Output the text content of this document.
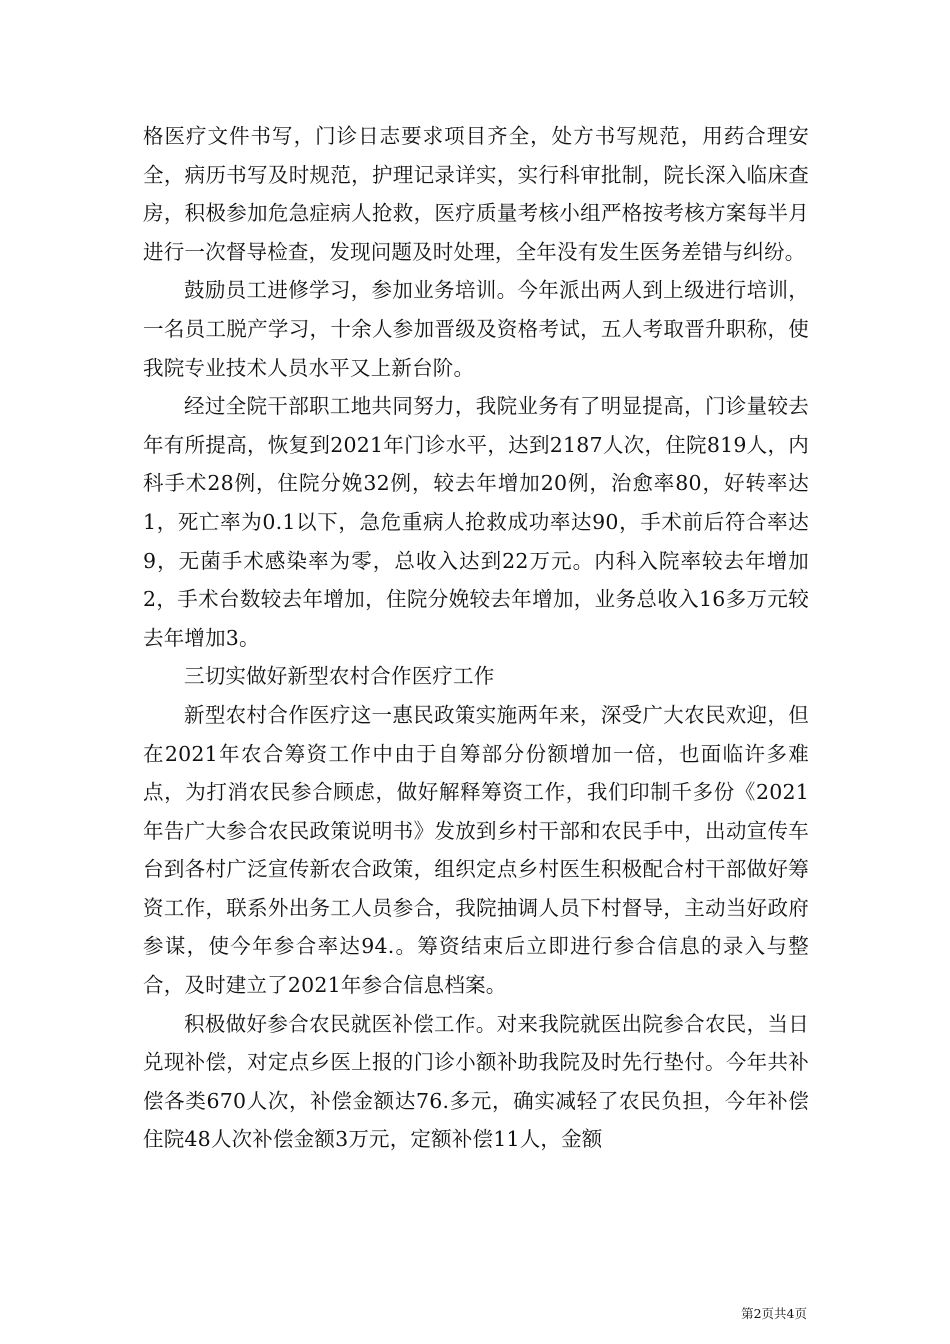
格医疗文件书写，门诊日志要求项目齐全，处方书写规范，用药合理安全，病历书写及时规范，护理记录详实，实行科审批制，院长深入临床查房，积极参加危急症病人抢救，医疗质量考核小组严格按考核方案每半月进行一次督导检查，发现问题及时处理，全年没有发生医务差错与纠纷。

鼓励员工进修学习，参加业务培训。今年派出两人到上级进行培训，一名员工脱产学习，十余人参加晋级及资格考试，五人考取晋升职称，使我院专业技术人员水平又上新台阶。

经过全院干部职工地共同努力，我院业务有了明显提高，门诊量较去年有所提高，恢复到2021年门诊水平，达到2187人次，住院819人，内科手术28例，住院分娩32例，较去年增加20例，治愈率80，好转率达1，死亡率为0.1以下，急危重病人抢救成功率达90，手术前后符合率达9，无菌手术感染率为零，总收入达到22万元。内科入院率较去年增加2，手术台数较去年增加，住院分娩较去年增加，业务总收入16多万元较去年增加3。

三切实做好新型农村合作医疗工作

新型农村合作医疗这一惠民政策实施两年来，深受广大农民欢迎，但在2021年农合筹资工作中由于自筹部分份额增加一倍，也面临许多难点，为打消农民参合顾虑，做好解释筹资工作，我们印制千多份《2021年告广大参合农民政策说明书》发放到乡村干部和农民手中，出动宣传车台到各村广泛宣传新农合政策，组织定点乡村医生积极配合村干部做好筹资工作，联系外出务工人员参合，我院抽调人员下村督导，主动当好政府参谋，使今年参合率达94.。筹资结束后立即进行参合信息的录入与整合，及时建立了2021年参合信息档案。

积极做好参合农民就医补偿工作。对来我院就医出院参合农民，当日兑现补偿，对定点乡医上报的门诊小额补助我院及时先行垫付。今年共补偿各类670人次，补偿金额达76.多元，确实减轻了农民负担，今年补偿住院48人次补偿金额3万元，定额补偿11人，金额

第2页共4页
